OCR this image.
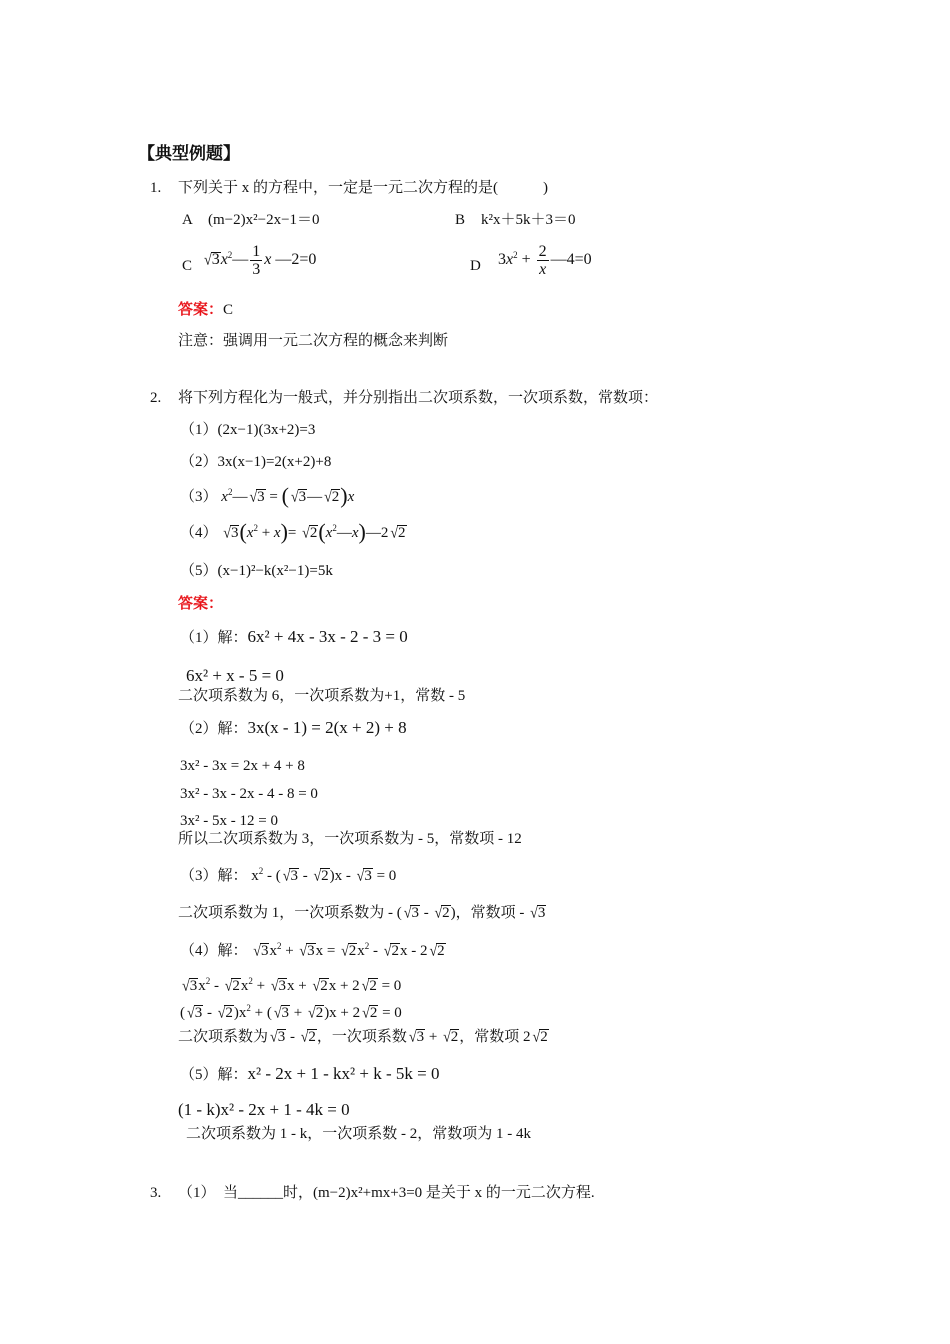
【典型例题】
1. 下列关于 x 的方程中，一定是一元二次方程的是(　　　)
A (m−2)x²−2x−1＝0	B k²x＋5k＋3＝0
C $√3x^2— \frac{1}{3}$ x —2=0	D $3x^2 + \frac{2}{x}$ —4=0
答案：C
注意：强调用一元二次方程的概念来判断
2. 将下列方程化为一般式，并分别指出二次项系数，一次项系数，常数项：
（1）(2x−1)(3x+2)=3
（2）3x(x−1)=2(x+2)+8
（3） $x^2—$ √3 = ( √3— √2)x
（4） $√3(x^2 + x)=$ $√2(x^2—x)—2$ √2
（5）(x−1)²−k(x²−1)=5k
答案：
（1）解：6x² + 4x - 3x - 2 - 3 = 0
6x² + x - 5 = 0
二次项系数为 6，一次项系数为+1，常数 - 5
（2）解：3x(x - 1) = 2(x + 2) + 8
3x² - 3x = 2x + 4 + 8
3x² - 3x - 2x - 4 - 8 = 0
3x² - 5x - 12 = 0
所以二次项系数为 3，一次项系数为 - 5，常数项 - 12
（3）解： $x^2$ - ( √3 - √2)x - √3 = 0
二次项系数为 1，一次项系数为 - ( √3 - √2)，常数项 - √3
（4）解： $√3x^2 + √3x = √2x^2 - √2x - 2$ √2
$√3x^2 - √2x^2 + √3x + √2x + 2$ √2 = 0
( $√3 - √2)x^2$ + ( √3 + √2)x + 2 √2 = 0
二次项系数为 √3 - √2，一次项系数 √3 + √2，常数项 2 √2
（5）解：x² - 2x + 1 - kx² + k - 5k = 0
(1 - k)x² - 2x + 1 - 4k = 0
二次项系数为 1 - k，一次项系数 - 2，常数项为 1 - 4k
3. （1）　当______时，(m−2)x²+mx+3=0 是关于 x 的一元二次方程.
